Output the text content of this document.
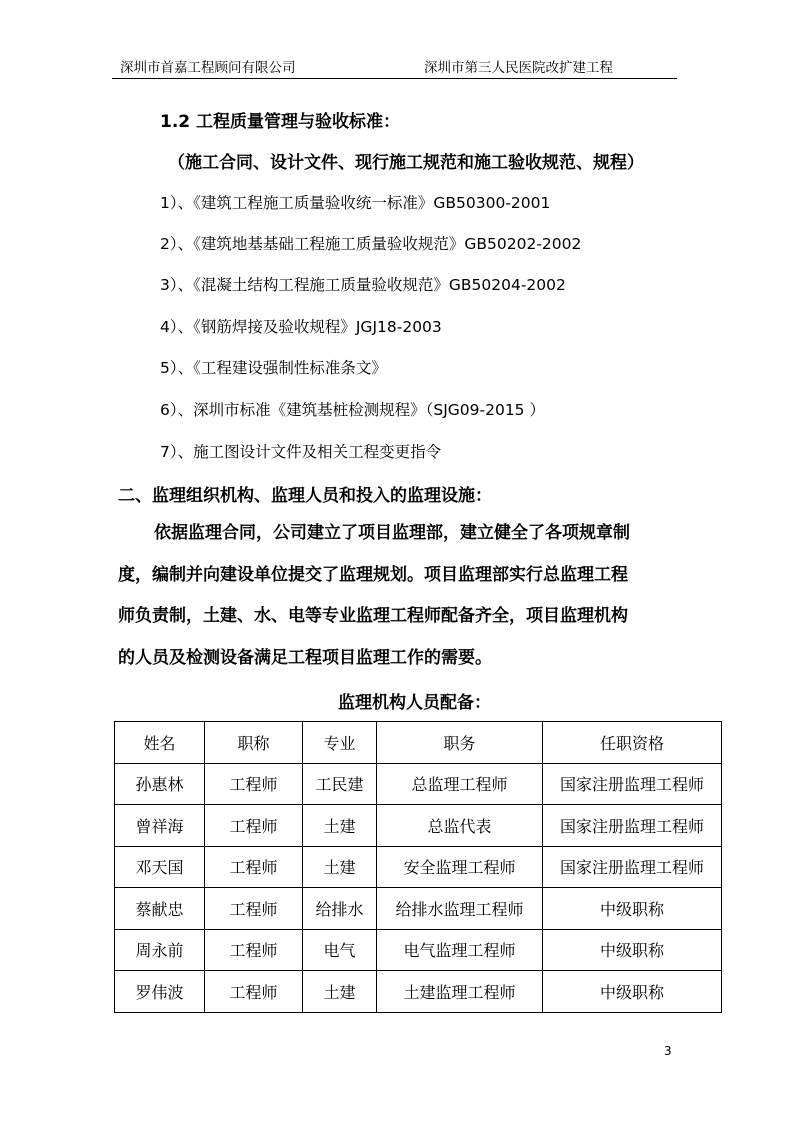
深圳市首嘉工程顾问有限公司	深圳市第三人民医院改扩建工程
1.2 工程质量管理与验收标准：
（施工合同、设计文件、现行施工规范和施工验收规范、规程）
1）、《建筑工程施工质量验收统一标准》GB50300-2001
2）、《建筑地基基础工程施工质量验收规范》GB50202-2002
3）、《混凝土结构工程施工质量验收规范》GB50204-2002
4）、《钢筋焊接及验收规程》JGJ18-2003
5）、《工程建设强制性标准条文》
6）、深圳市标准《建筑基桩检测规程》（SJG09-2015 ）
7）、施工图设计文件及相关工程变更指令
二、监理组织机构、监理人员和投入的监理设施：

依据监理合同，公司建立了项目监理部，建立健全了各项规章制

度，编制并向建设单位提交了监理规划。项目监理部实行总监理工程

师负责制，土建、水、电等专业监理工程师配备齐全，项目监理机构

的人员及检测设备满足工程项目监理工作的需要。

监理机构人员配备：
姓名	职称	专业	职务	任职资格
孙惠林	工程师	工民建	总监理工程师	国家注册监理工程师
曾祥海	工程师	土建	总监代表	国家注册监理工程师
邓天国	工程师	土建	安全监理工程师	国家注册监理工程师
蔡献忠	工程师	给排水	给排水监理工程师	中级职称
周永前	工程师	电气	电气监理工程师	中级职称
罗伟波	工程师	土建	土建监理工程师	中级职称
3
